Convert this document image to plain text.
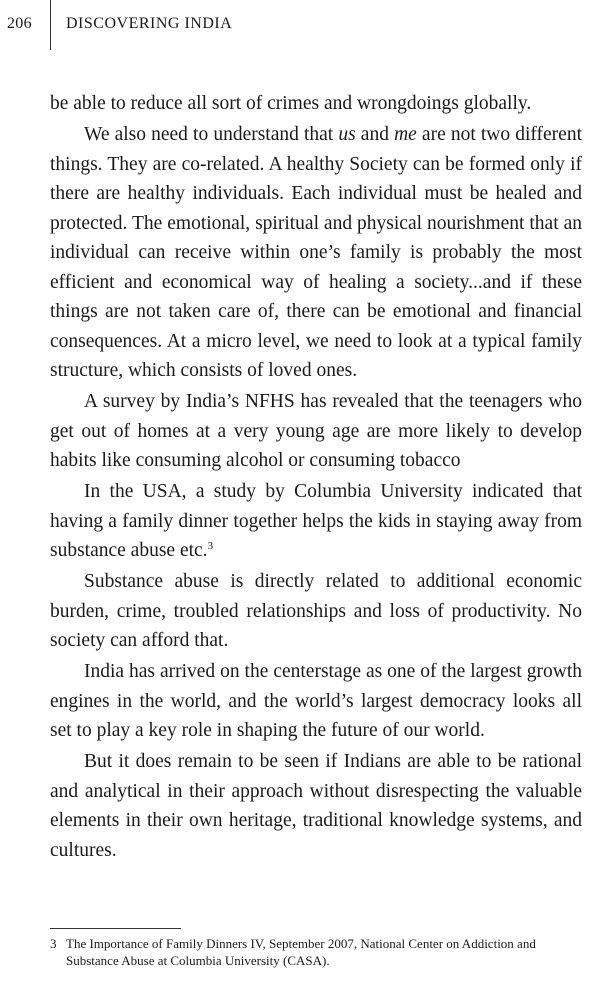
206 DISCOVERING INDIA

be able to reduce all sort of crimes and wrongdoings globally.

We also need to understand that us and me are not two different things. They are co-related. A healthy Society can be formed only if there are healthy individuals. Each individual must be healed and protected. The emotional, spiritual and physical nourishment that an individual can receive within one’s family is probably the most efficient and economical way of healing a society...and if these things are not taken care of, there can be emotional and financial consequences. At a micro level, we need to look at a typical family structure, which consists of loved ones.

A survey by India’s NFHS has revealed that the teenagers who get out of homes at a very young age are more likely to develop habits like consuming alcohol or consuming tobacco

In the USA, a study by Columbia University indicated that having a family dinner together helps the kids in staying away from substance abuse etc.$^3$

Substance abuse is directly related to additional economic burden, crime, troubled relationships and loss of productivity. No society can afford that.

India has arrived on the centerstage as one of the largest growth engines in the world, and the world’s largest democracy looks all set to play a key role in shaping the future of our world.

But it does remain to be seen if Indians are able to be rational and analytical in their approach without disrespecting the valuable elements in their own heritage, traditional knowledge systems, and cultures.

3 The Importance of Family Dinners IV, September 2007, National Center on Addiction and Substance Abuse at Columbia University (CASA).
